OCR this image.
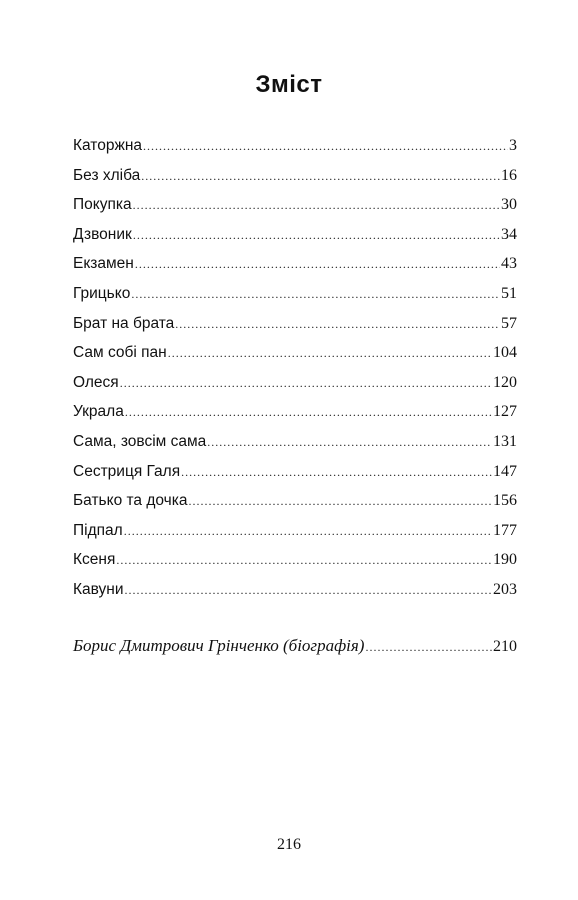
Зміст
Каторжна .....	3
Без хліба .....	16
Покупка .....	30
Дзвоник .....	34
Екзамен .....	43
Грицько .....	51
Брат на брата .....	57
Сам собі пан .....	104
Олеся .....	120
Украла .....	127
Сама, зовсім сама .....	131
Сестриця Галя .....	147
Батько та дочка .....	156
Підпал .....	177
Ксеня .....	190
Кавуни .....	203
Борис Дмитрович Грінченко (біографія) .....	210
216
